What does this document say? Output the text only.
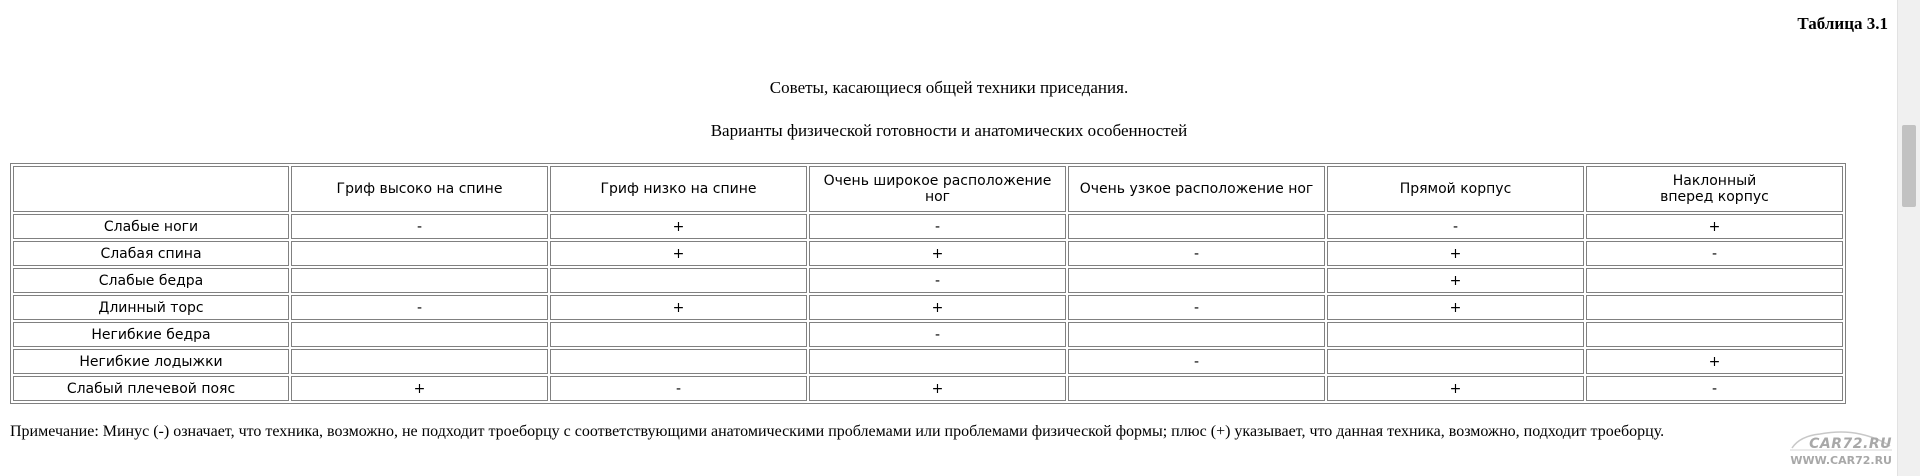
Таблица 3.1
Советы, касающиеся общей техники приседания.
Варианты физической готовности и анатомических особенностей
	Гриф высоко на спине	Гриф низко на спине	Очень широкое расположение ног	Очень узкое расположение ног	Прямой корпус	Наклонный
вперед корпус
Слабые ноги	-	+	-		-	+
Слабая спина		+	+	-	+	-
Слабые бедра			-		+	
Длинный торс	-	+	+	-	+	
Негибкие бедра			-			
Негибкие лодыжки				-		+
Слабый плечевой пояс	+	-	+		+	-
Примечание: Минус (-) означает, что техника, возможно, не подходит троеборцу с соответствующими анатомическими проблемами или проблемами физической формы; плюс (+) указывает, что данная техника, возможно, подходит троеборцу.
CAR72.RU
WWW.CAR72.RU
